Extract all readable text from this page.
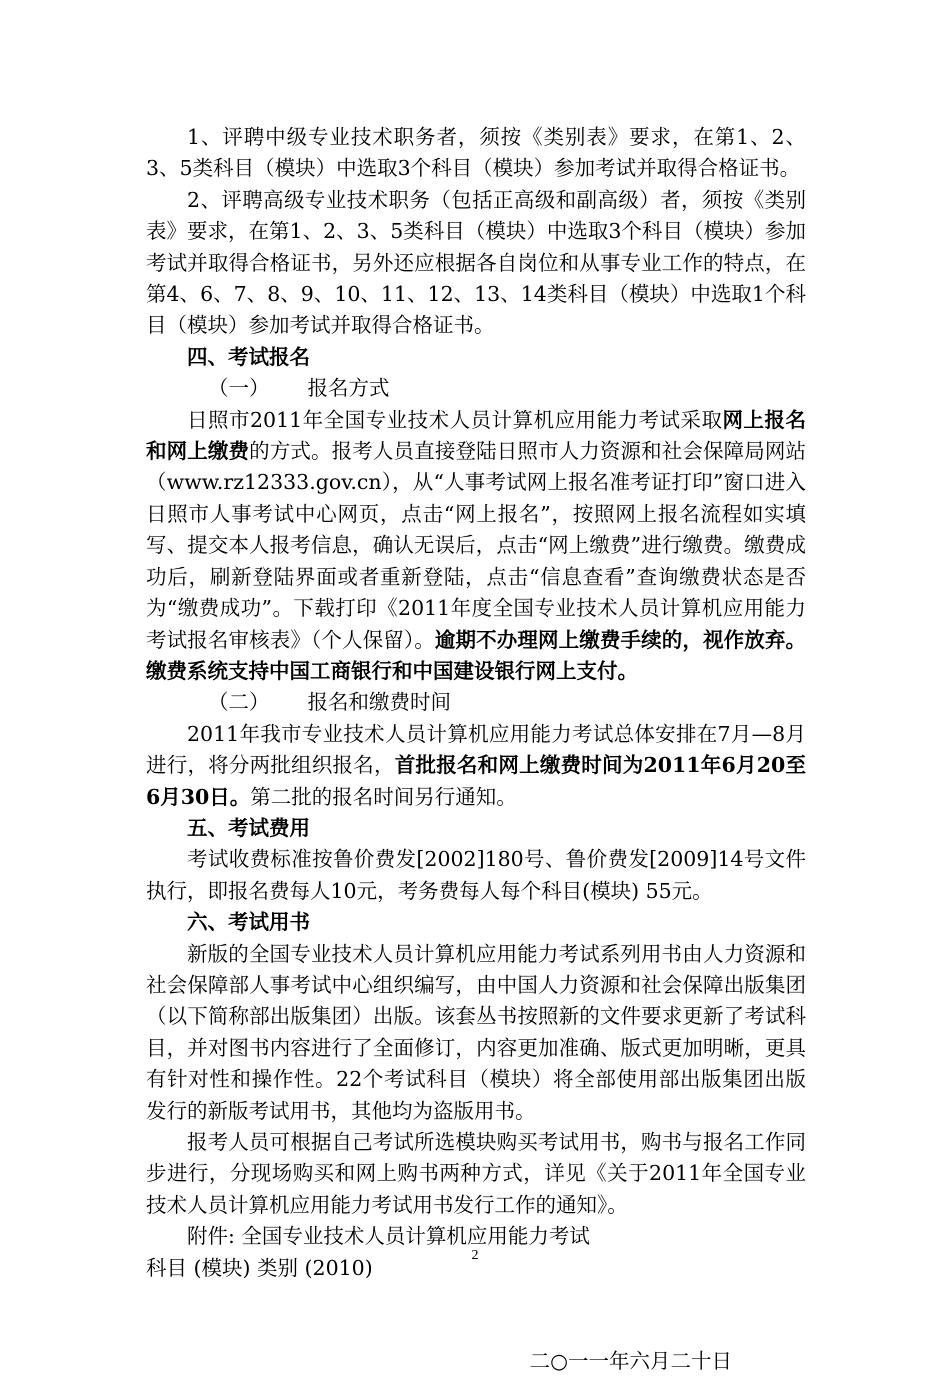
1、评聘中级专业技术职务者，须按《类别表》要求，在第1、2、3、5类科目（模块）中选取3个科目（模块）参加考试并取得合格证书。

2、评聘高级专业技术职务（包括正高级和副高级）者，须按《类别表》要求，在第1、2、3、5类科目（模块）中选取3个科目（模块）参加考试并取得合格证书，另外还应根据各自岗位和从事专业工作的特点，在第4、6、7、8、9、10、11、12、13、14类科目（模块）中选取1个科目（模块）参加考试并取得合格证书。

四、考试报名

（一） 报名方式

日照市2011年全国专业技术人员计算机应用能力考试采取网上报名和网上缴费的方式。报考人员直接登陆日照市人力资源和社会保障局网站（www.rz12333.gov.cn），从“人事考试网上报名准考证打印”窗口进入日照市人事考试中心网页，点击“网上报名”，按照网上报名流程如实填写、提交本人报考信息，确认无误后，点击“网上缴费”进行缴费。缴费成功后，刷新登陆界面或者重新登陆，点击“信息查看”查询缴费状态是否为“缴费成功”。下载打印《2011年度全国专业技术人员计算机应用能力考试报名审核表》（个人保留）。逾期不办理网上缴费手续的，视作放弃。缴费系统支持中国工商银行和中国建设银行网上支付。

（二） 报名和缴费时间

2011年我市专业技术人员计算机应用能力考试总体安排在7月—8月进行，将分两批组织报名，首批报名和网上缴费时间为2011年6月20至6月30日。第二批的报名时间另行通知。

五、考试费用

考试收费标准按鲁价费发[2002]180号、鲁价费发[2009]14号文件执行，即报名费每人10元，考务费每人每个科目(模块) 55元。

六、考试用书

新版的全国专业技术人员计算机应用能力考试系列用书由人力资源和社会保障部人事考试中心组织编写，由中国人力资源和社会保障出版集团（以下简称部出版集团）出版。该套丛书按照新的文件要求更新了考试科目，并对图书内容进行了全面修订，内容更加准确、版式更加明晰，更具有针对性和操作性。22个考试科目（模块）将全部使用部出版集团出版发行的新版考试用书，其他均为盗版用书。

报考人员可根据自己考试所选模块购买考试用书，购书与报名工作同步进行，分现场购买和网上购书两种方式，详见《关于2011年全国专业技术人员计算机应用能力考试用书发行工作的通知》。

附件: 全国专业技术人员计算机应用能力考试

科目 (模块) 类别 (2010)

二○一一年六月二十日

2
